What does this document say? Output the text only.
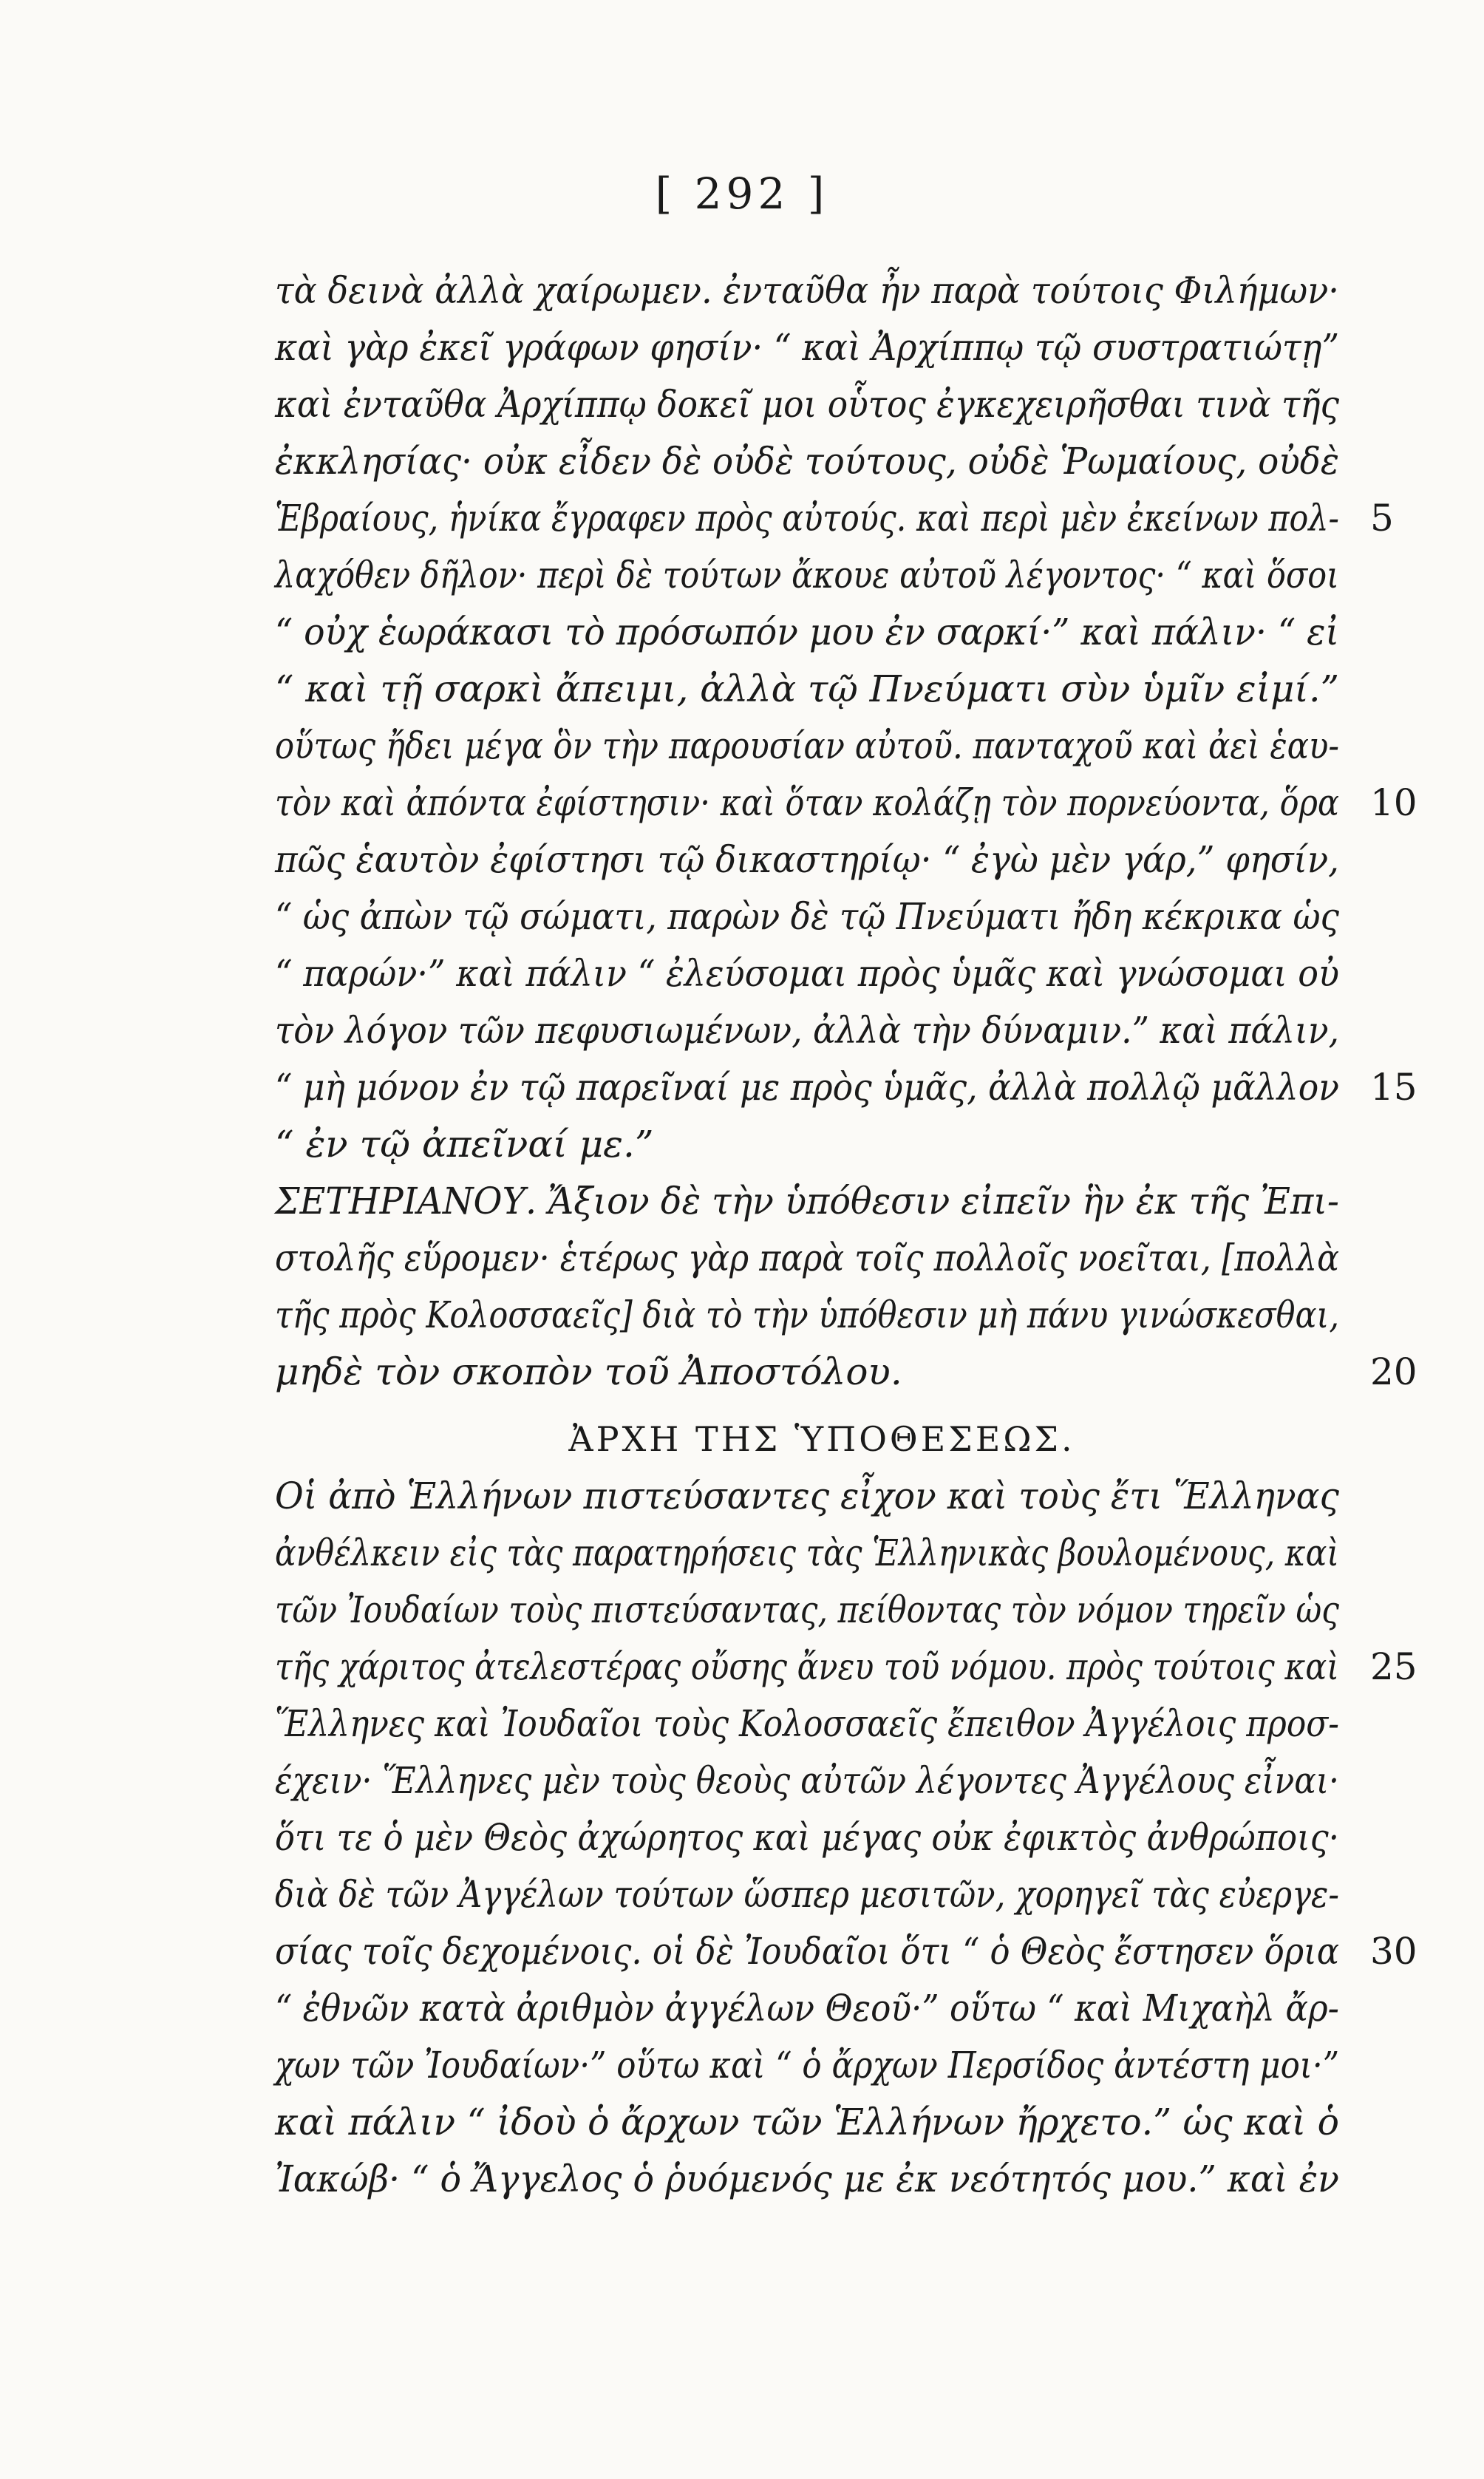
[ 292 ]
τὰ δεινὰ ἀλλὰ χαίρωμεν. ἐνταῦθα ἦν παρὰ τούτοις Φιλήμων·
καὶ γὰρ ἐκεῖ γράφων φησίν· “ καὶ Ἀρχίππῳ τῷ συστρατιώτῃ”
καὶ ἐνταῦθα Ἀρχίππῳ δοκεῖ μοι οὗτος ἐγκεχειρῆσθαι τινὰ τῆς
ἐκκλησίας· οὐκ εἶδεν δὲ οὐδὲ τούτους, οὐδὲ Ῥωμαίους, οὐδὲ
Ἑβραίους, ἡνίκα ἔγραφεν πρὸς αὐτούς. καὶ περὶ μὲν ἐκείνων πολ- 5
λαχόθεν δῆλον· περὶ δὲ τούτων ἄκουε αὐτοῦ λέγοντος· “ καὶ ὅσοι
“ οὐχ ἑωράκασι τὸ πρόσωπόν μου ἐν σαρκί·” καὶ πάλιν· “ εἰ
“ καὶ τῇ σαρκὶ ἄπειμι, ἀλλὰ τῷ Πνεύματι σὺν ὑμῖν εἰμί.”
οὕτως ἤδει μέγα ὃν τὴν παρουσίαν αὐτοῦ. πανταχοῦ καὶ ἀεὶ ἑαυ-
τὸν καὶ ἀπόντα ἐφίστησιν· καὶ ὅταν κολάζῃ τὸν πορνεύοντα, ὅρα 10
πῶς ἑαυτὸν ἐφίστησι τῷ δικαστηρίῳ· “ ἐγὼ μὲν γάρ,” φησίν,
“ ὡς ἀπὼν τῷ σώματι, παρὼν δὲ τῷ Πνεύματι ἤδη κέκρικα ὡς
“ παρών·” καὶ πάλιν “ ἐλεύσομαι πρὸς ὑμᾶς καὶ γνώσομαι οὐ
τὸν λόγον τῶν πεφυσιωμένων, ἀλλὰ τὴν δύναμιν.” καὶ πάλιν,
“ μὴ μόνον ἐν τῷ παρεῖναί με πρὸς ὑμᾶς, ἀλλὰ πολλῷ μᾶλλον 15
“ ἐν τῷ ἀπεῖναί με.”
ΣΕΤΗΡΙΑΝΟΥ. Ἄξιον δὲ τὴν ὑπόθεσιν εἰπεῖν ἣν ἐκ τῆς Ἐπι-
στολῆς εὕρομεν· ἑτέρως γὰρ παρὰ τοῖς πολλοῖς νοεῖται, [πολλὰ
τῆς πρὸς Κολοσσαεῖς] διὰ τὸ τὴν ὑπόθεσιν μὴ πάνυ γινώσκεσθαι,
μηδὲ τὸν σκοπὸν τοῦ Ἀποστόλου.	20
ἈΡΧΗ ΤΗΣ ὙΠΟΘΕΣΕΩΣ.
Οἱ ἀπὸ Ἑλλήνων πιστεύσαντες εἶχον καὶ τοὺς ἔτι Ἕλληνας
ἀνθέλκειν εἰς τὰς παρατηρήσεις τὰς Ἑλληνικὰς βουλομένους, καὶ
τῶν Ἰουδαίων τοὺς πιστεύσαντας, πείθοντας τὸν νόμον τηρεῖν ὡς
τῆς χάριτος ἀτελεστέρας οὔσης ἄνευ τοῦ νόμου. πρὸς τούτοις καὶ 25
Ἕλληνες καὶ Ἰουδαῖοι τοὺς Κολοσσαεῖς ἔπειθον Ἀγγέλοις προσ-
έχειν· Ἕλληνες μὲν τοὺς θεοὺς αὐτῶν λέγοντες Ἀγγέλους εἶναι·
ὅτι τε ὁ μὲν Θεὸς ἀχώρητος καὶ μέγας οὐκ ἐφικτὸς ἀνθρώποις·
διὰ δὲ τῶν Ἀγγέλων τούτων ὥσπερ μεσιτῶν, χορηγεῖ τὰς εὐεργε-
σίας τοῖς δεχομένοις. οἱ δὲ Ἰουδαῖοι ὅτι “ ὁ Θεὸς ἔστησεν ὅρια 30
“ ἐθνῶν κατὰ ἀριθμὸν ἀγγέλων Θεοῦ·” οὕτω “ καὶ Μιχαὴλ ἄρ-
χων τῶν Ἰουδαίων·” οὕτω καὶ “ ὁ ἄρχων Περσίδος ἀντέστη μοι·”
καὶ πάλιν “ ἰδοὺ ὁ ἄρχων τῶν Ἑλλήνων ἤρχετο.” ὡς καὶ ὁ
Ἰακώβ· “ ὁ Ἄγγελος ὁ ῥυόμενός με ἐκ νεότητός μου.” καὶ ἐν
